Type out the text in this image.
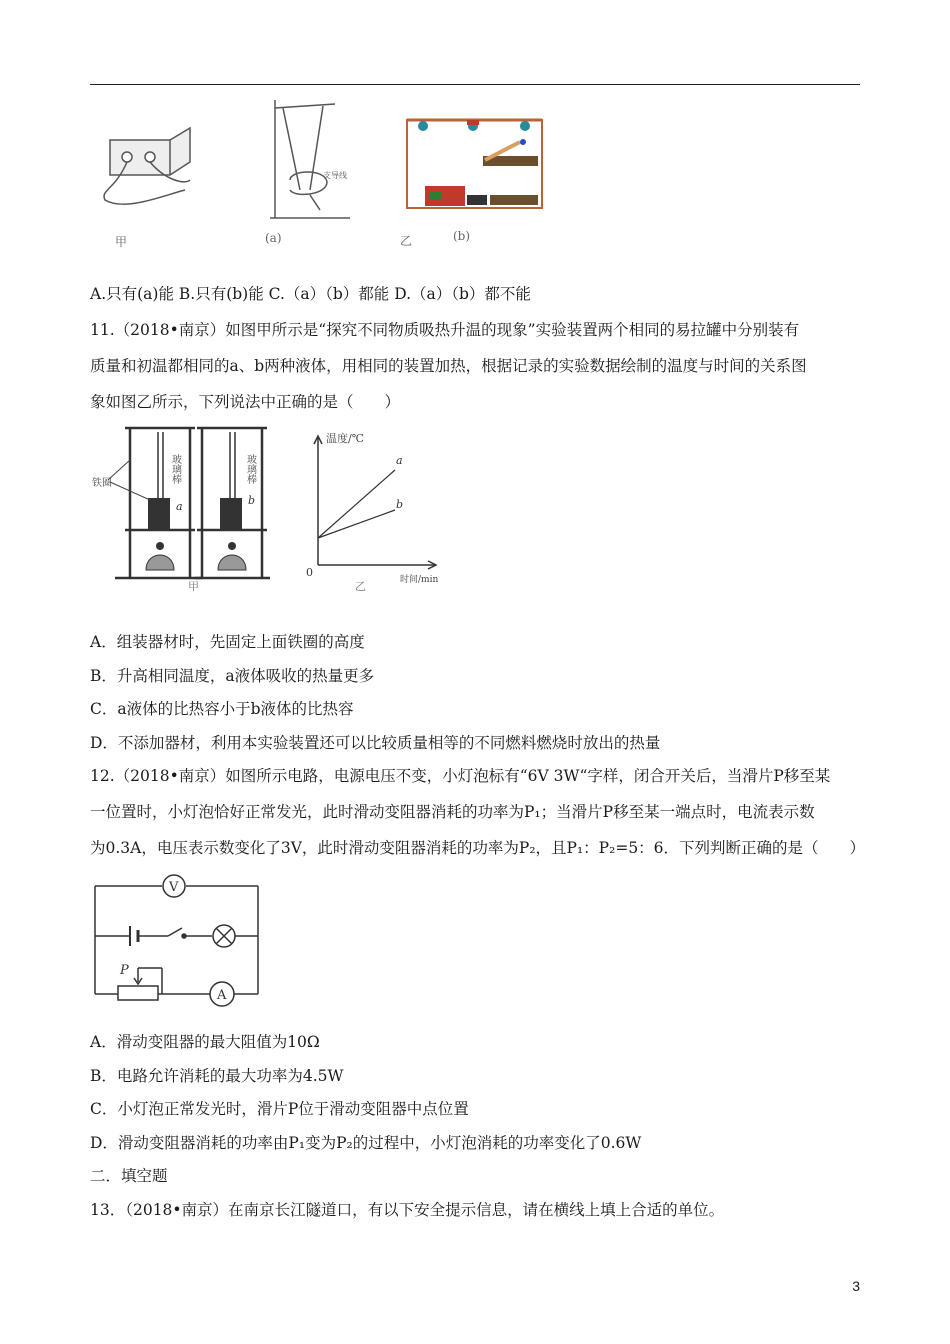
甲
支导线
(a)	乙	(b)
A.只有(a)能 B.只有(b)能 C.（a）（b）都能 D.（a）（b）都不能
11.（2018•南京）如图甲所示是“探究不同物质吸热升温的现象”实验装置两个相同的易拉罐中分别装有
质量和初温都相同的a、b两种液体，用相同的装置加热，根据记录的实验数据绘制的温度与时间的关系图
象如图乙所示，下列说法中正确的是（　　）
铁圈	玻璃棒	玻璃棒
a	b
甲
温度/℃
时间/min
0
a
b
乙
A．组装器材时，先固定上面铁圈的高度
B．升高相同温度，a液体吸收的热量更多
C．a液体的比热容小于b液体的比热容
D．不添加器材，利用本实验装置还可以比较质量相等的不同燃料燃烧时放出的热量
12.（2018•南京）如图所示电路，电源电压不变，小灯泡标有“6V 3W“字样，闭合开关后，当滑片P移至某
一位置时，小灯泡恰好正常发光，此时滑动变阻器消耗的功率为P₁；当滑片P移至某一端点时，电流表示数
为0.3A，电压表示数变化了3V，此时滑动变阻器消耗的功率为P₂，且P₁：P₂=5：6．下列判断正确的是（　　）
V
A
P
A．滑动变阻器的最大阻值为10Ω
B．电路允许消耗的最大功率为4.5W
C．小灯泡正常发光时，滑片P位于滑动变阻器中点位置
D．滑动变阻器消耗的功率由P₁变为P₂的过程中，小灯泡消耗的功率变化了0.6W
二．填空题
13．（2018•南京）在南京长江隧道口，有以下安全提示信息，请在横线上填上合适的单位。
3
